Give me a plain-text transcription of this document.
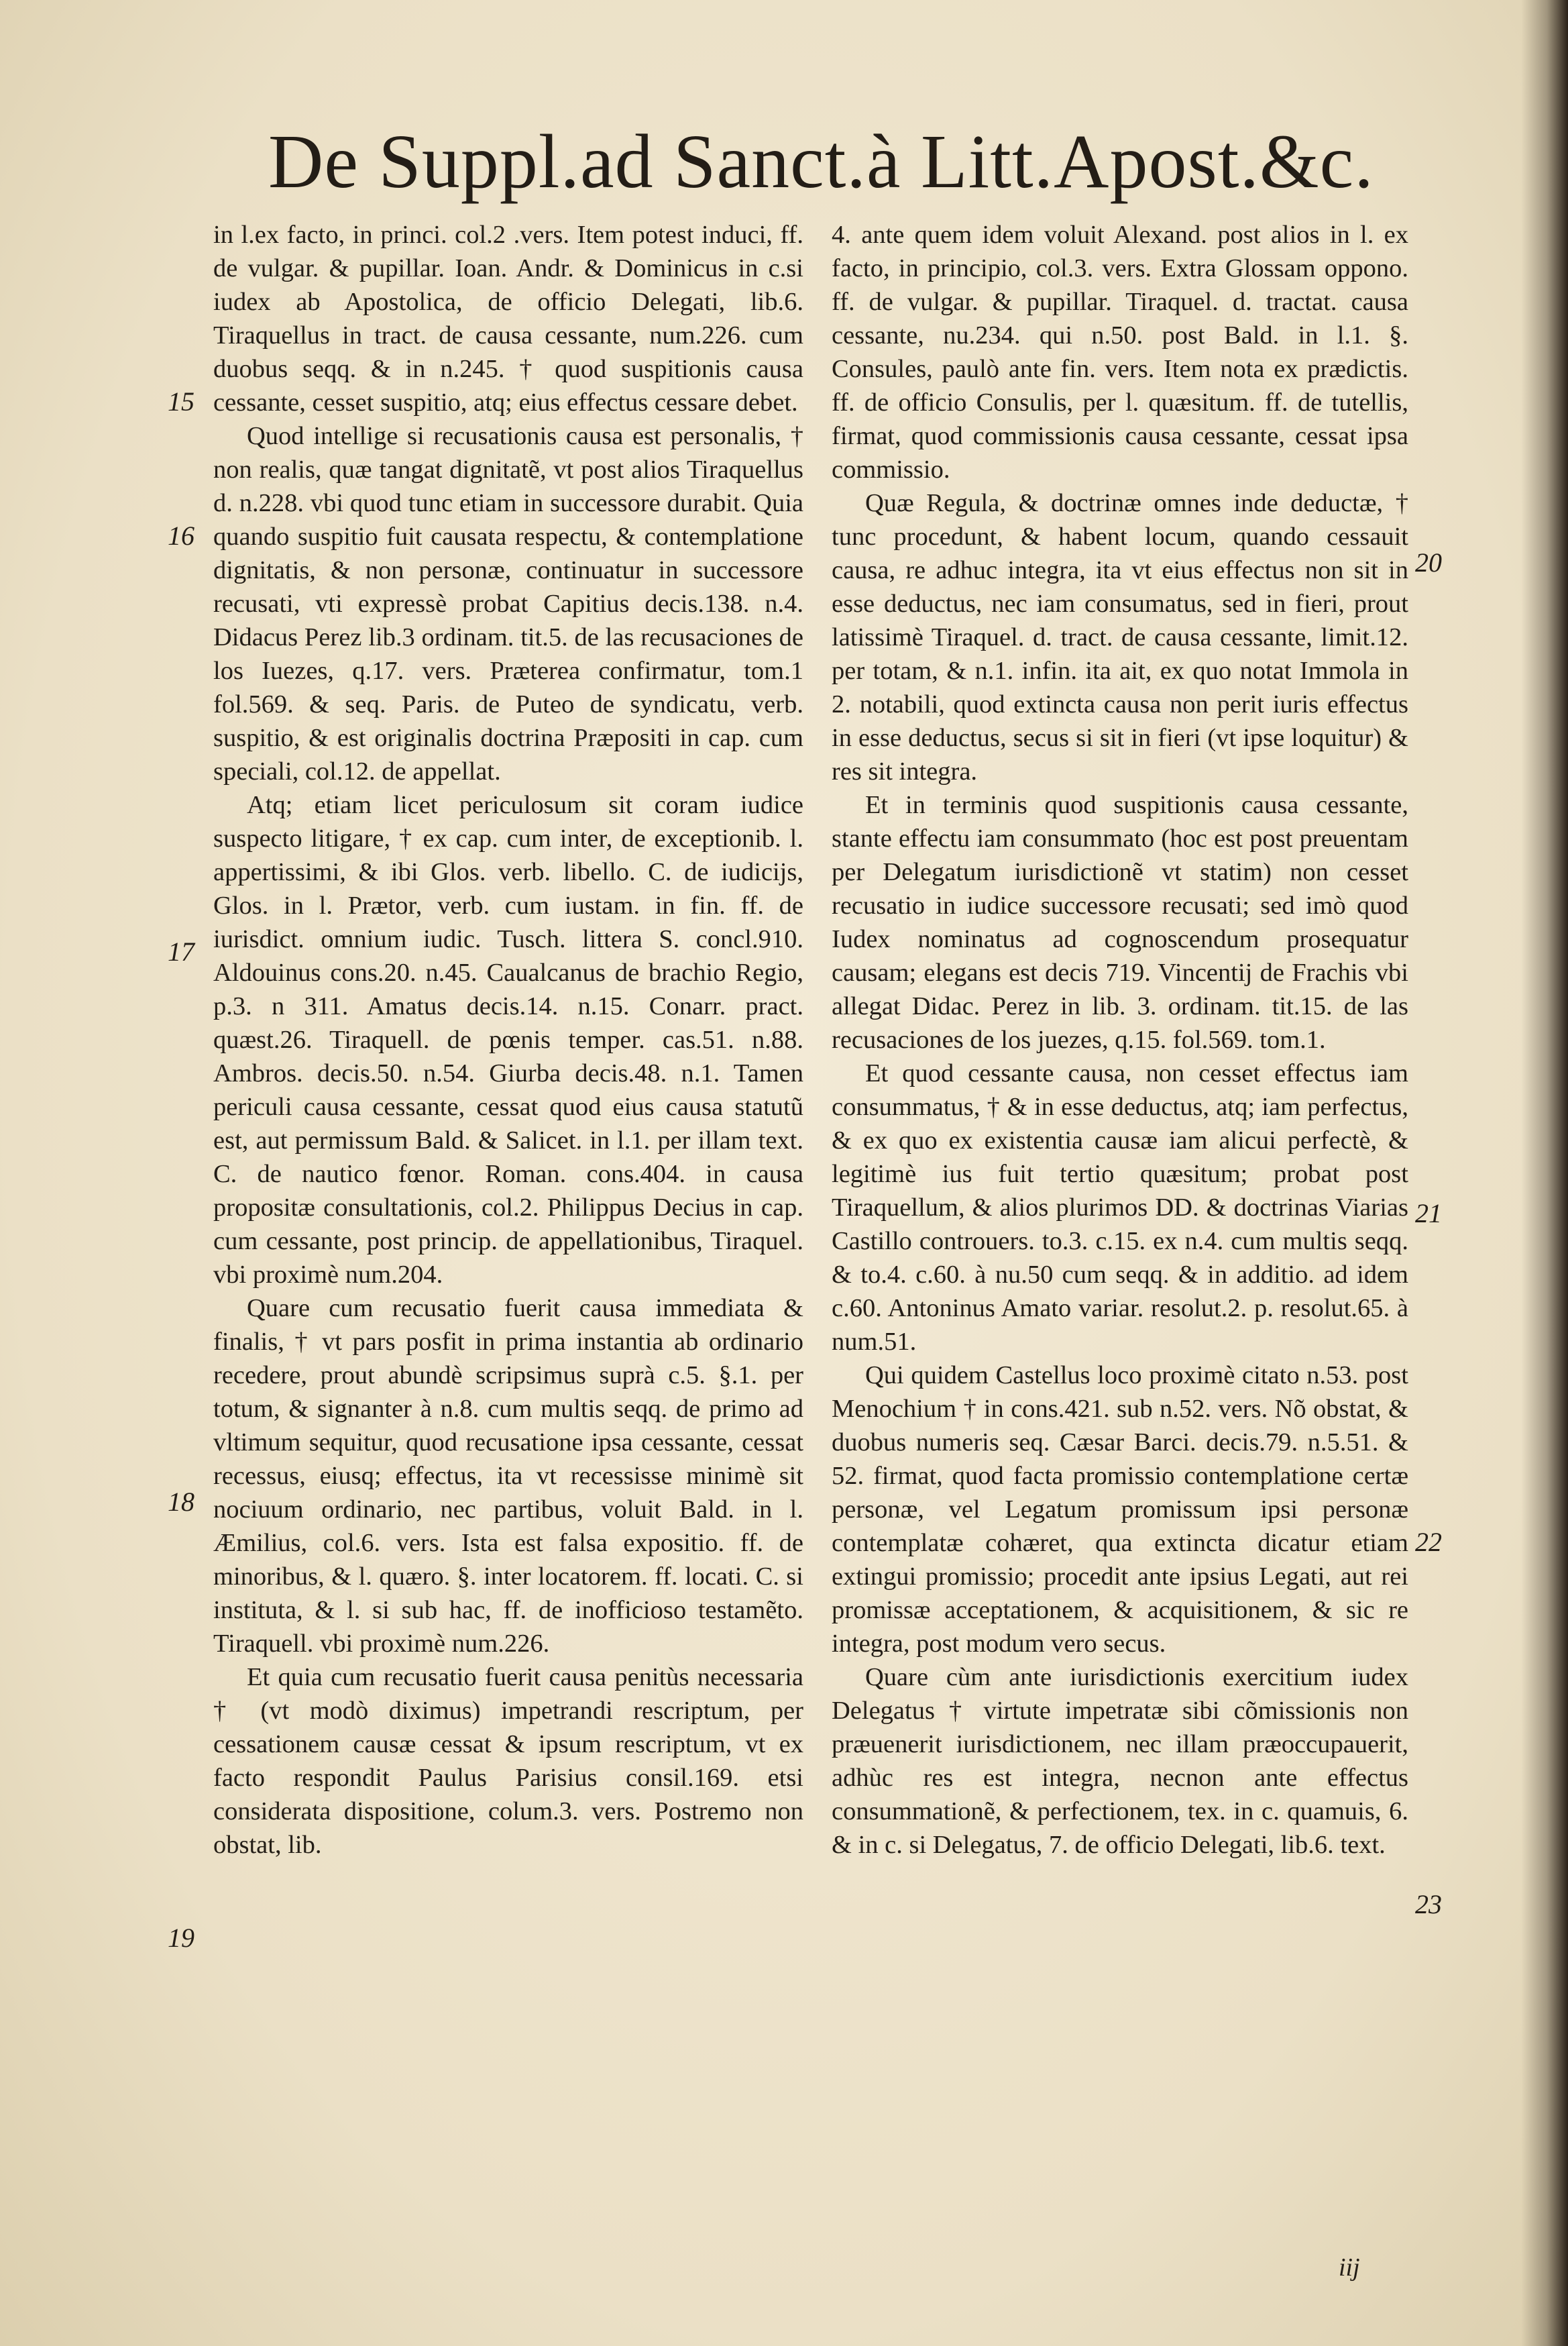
De Suppl.ad Sanct.à Litt.Apost.&c.

in l.ex facto, in princi. col.2 .vers. Item potest induci, ff. de vulgar. & pupillar. Ioan. Andr. & Dominicus in c.si iudex ab Apostolica, de officio Delegati, lib.6. Tiraquellus in tract. de causa cessante, num.226. cum duobus seqq. & in n.245. † quod suspitionis causa cessante, cesset suspitio, atq; eius effectus cessare debet.

Quod intellige si recusationis causa est personalis, † non realis, quæ tangat dignitatẽ, vt post alios Tiraquellus d. n.228. vbi quod tunc etiam in successore durabit. Quia quando suspitio fuit causata respectu, & contemplatione dignitatis, & non personæ, continuatur in successore recusati, vti expressè probat Capitius decis.138. n.4. Didacus Perez lib.3 ordinam. tit.5. de las recusaciones de los Iuezes, q.17. vers. Præterea confirmatur, tom.1 fol.569. & seq. Paris. de Puteo de syndicatu, verb. suspitio, & est originalis doctrina Præpositi in cap. cum speciali, col.12. de appellat.

Atq; etiam licet periculosum sit coram iudice suspecto litigare, † ex cap. cum inter, de exceptionib. l. appertissimi, & ibi Glos. verb. libello. C. de iudicijs, Glos. in l. Prætor, verb. cum iustam. in fin. ff. de iurisdict. omnium iudic. Tusch. littera S. concl.910. Aldouinus cons.20. n.45. Caualcanus de brachio Regio, p.3. n 311. Amatus decis.14. n.15. Conarr. pract. quæst.26. Tiraquell. de pœnis temper. cas.51. n.88. Ambros. decis.50. n.54. Giurba decis.48. n.1. Tamen periculi causa cessante, cessat quod eius causa statutũ est, aut permissum Bald. & Salicet. in l.1. per illam text. C. de nautico fœnor. Roman. cons.404. in causa propositæ consultationis, col.2. Philippus Decius in cap. cum cessante, post princip. de appellationibus, Tiraquel. vbi proximè num.204.

Quare cum recusatio fuerit causa immediata & finalis, † vt pars posfit in prima instantia ab ordinario recedere, prout abundè scripsimus suprà c.5. §.1. per totum, & signanter à n.8. cum multis seqq. de primo ad vltimum sequitur, quod recusatione ipsa cessante, cessat recessus, eiusq; effectus, ita vt recessisse minimè sit nociuum ordinario, nec partibus, voluit Bald. in l. Æmilius, col.6. vers. Ista est falsa expositio. ff. de minoribus, & l. quæro. §. inter locatorem. ff. locati. C. si instituta, & l. si sub hac, ff. de inofficioso testamẽto. Tiraquell. vbi proximè num.226.

Et quia cum recusatio fuerit causa penitùs necessaria † (vt modò diximus) impetrandi rescriptum, per cessationem causæ cessat & ipsum rescriptum, vt ex facto respondit Paulus Parisius consil.169. etsi considerata dispositione, colum.3. vers. Postremo non obstat, lib.

4. ante quem idem voluit Alexand. post alios in l. ex facto, in principio, col.3. vers. Extra Glossam oppono. ff. de vulgar. & pupillar. Tiraquel. d. tractat. causa cessante, nu.234. qui n.50. post Bald. in l.1. §. Consules, paulò ante fin. vers. Item nota ex prædictis. ff. de officio Consulis, per l. quæsitum. ff. de tutellis, firmat, quod commissionis causa cessante, cessat ipsa commissio.

Quæ Regula, & doctrinæ omnes inde deductæ, † tunc procedunt, & habent locum, quando cessauit causa, re adhuc integra, ita vt eius effectus non sit in esse deductus, nec iam consumatus, sed in fieri, prout latissimè Tiraquel. d. tract. de causa cessante, limit.12. per totam, & n.1. infin. ita ait, ex quo notat Immola in 2. notabili, quod extincta causa non perit iuris effectus in esse deductus, secus si sit in fieri (vt ipse loquitur) & res sit integra.

Et in terminis quod suspitionis causa cessante, stante effectu iam consummato (hoc est post preuentam per Delegatum iurisdictionẽ vt statim) non cesset recusatio in iudice successore recusati; sed imò quod Iudex nominatus ad cognoscendum prosequatur causam; elegans est decis 719. Vincentij de Frachis vbi allegat Didac. Perez in lib. 3. ordinam. tit.15. de las recusaciones de los juezes, q.15. fol.569. tom.1.

Et quod cessante causa, non cesset effectus iam consummatus, † & in esse deductus, atq; iam perfectus, & ex quo ex existentia causæ iam alicui perfectè, & legitimè ius fuit tertio quæsitum; probat post Tiraquellum, & alios plurimos DD. & doctrinas Viarias Castillo controuers. to.3. c.15. ex n.4. cum multis seqq. & to.4. c.60. à nu.50 cum seqq. & in additio. ad idem c.60. Antoninus Amato variar. resolut.2. p. resolut.65. à num.51.

Qui quidem Castellus loco proximè citato n.53. post Menochium † in cons.421. sub n.52. vers. Nõ obstat, & duobus numeris seq. Cæsar Barci. decis.79. n.5.51. & 52. firmat, quod facta promissio contemplatione certæ personæ, vel Legatum promissum ipsi personæ contemplatæ cohæret, qua extincta dicatur etiam extingui promissio; procedit ante ipsius Legati, aut rei promissæ acceptationem, & acquisitionem, & sic re integra, post modum vero secus.

Quare cùm ante iurisdictionis exercitium iudex Delegatus † virtute impetratæ sibi cõmissionis non præuenerit iurisdictionem, nec illam præoccupauerit, adhùc res est integra, necnon ante effectus consummationẽ, & perfectionem, tex. in c. quamuis, 6. & in c. si Delegatus, 7. de officio Delegati, lib.6. text.

15
16
17
18
19
20
21
22
23
iij
